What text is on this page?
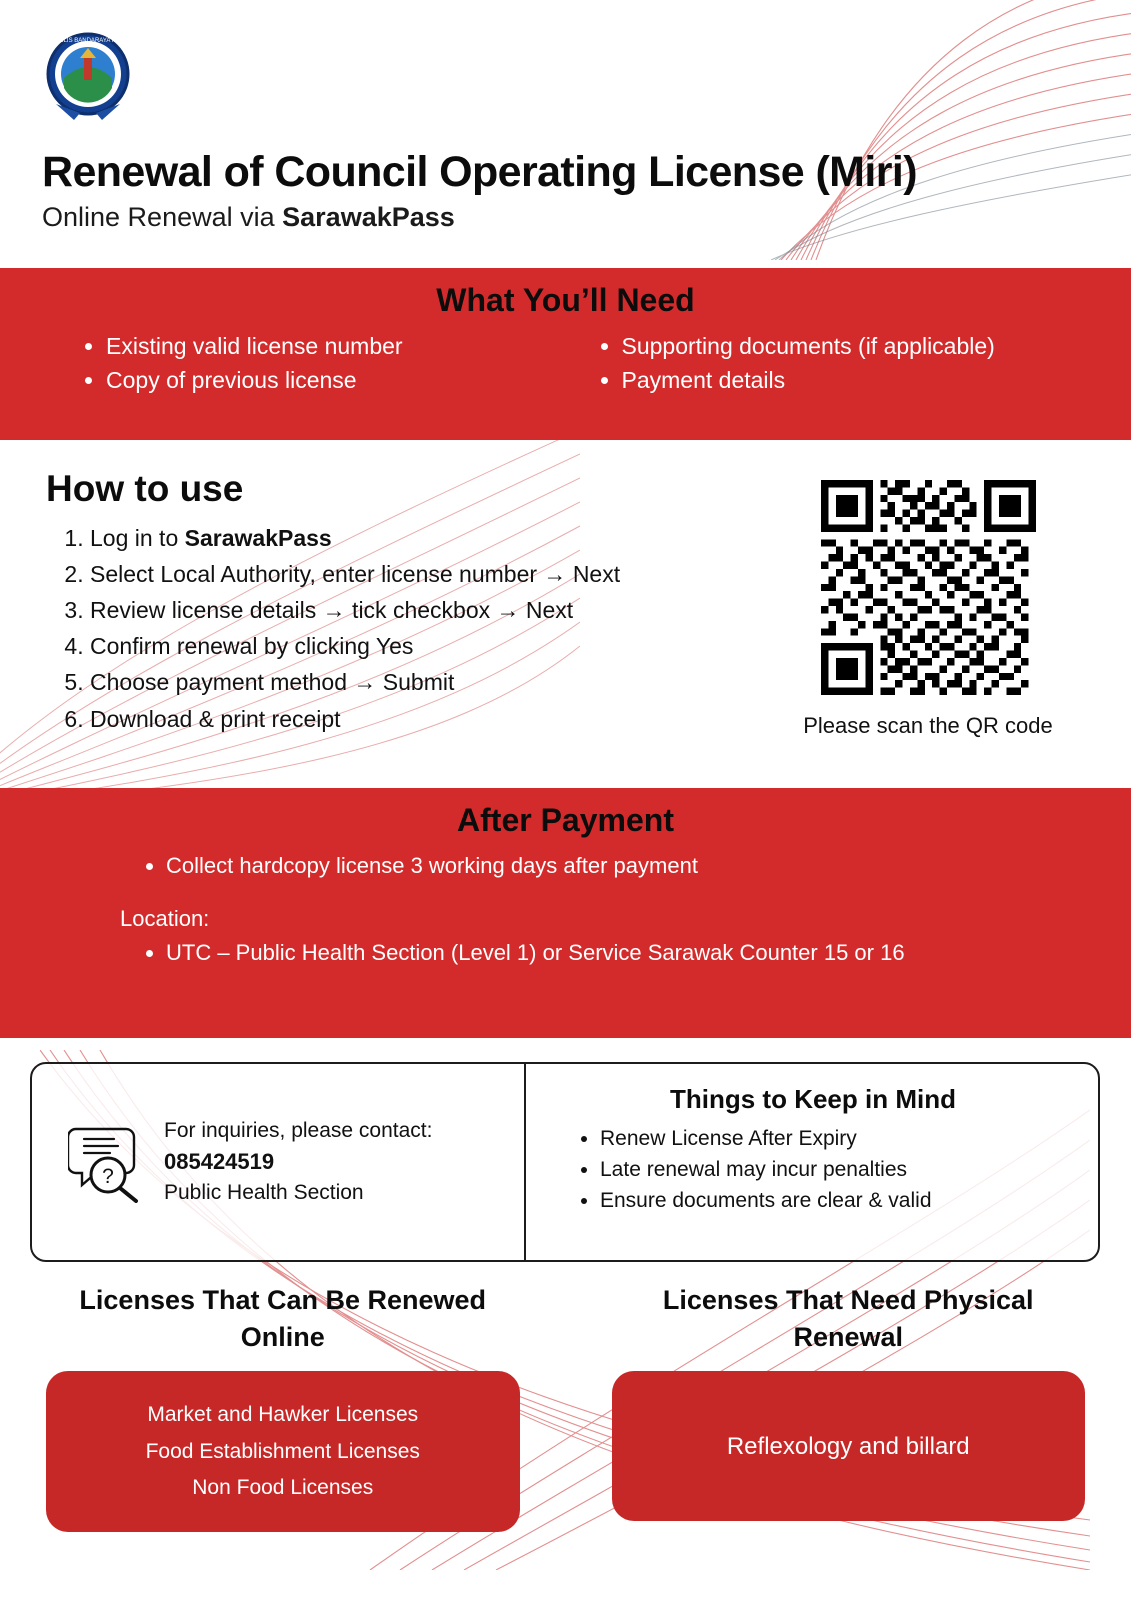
MAJLIS BANDARAYA MIRI
Renewal of Council Operating License (Miri)

Online Renewal via SarawakPass

What You’ll Need
• Existing valid license number
• Copy of previous license
• Supporting documents (if applicable)
• Payment details
How to use
1. Log in to SarawakPass
2. Select Local Authority, enter license number → Next
3. Review license details → tick checkbox → Next
4. Confirm renewal by clicking Yes
5. Choose payment method → Submit
6. Download & print receipt	Please scan the QR code
After Payment
• Collect hardcopy license 3 working days after payment
Location:
• UTC – Public Health Section (Level 1) or Service Sarawak Counter 15 or 16
?
For inquiries, please contact:
085424519
Public Health Section
Things to Keep in Mind
• Renew License After Expiry
• Late renewal may incur penalties
• Ensure documents are clear & valid
Licenses That Can Be Renewed Online
Market and Hawker Licenses
Food Establishment Licenses
Non Food Licenses
Licenses That Need Physical Renewal
Reflexology and billard
